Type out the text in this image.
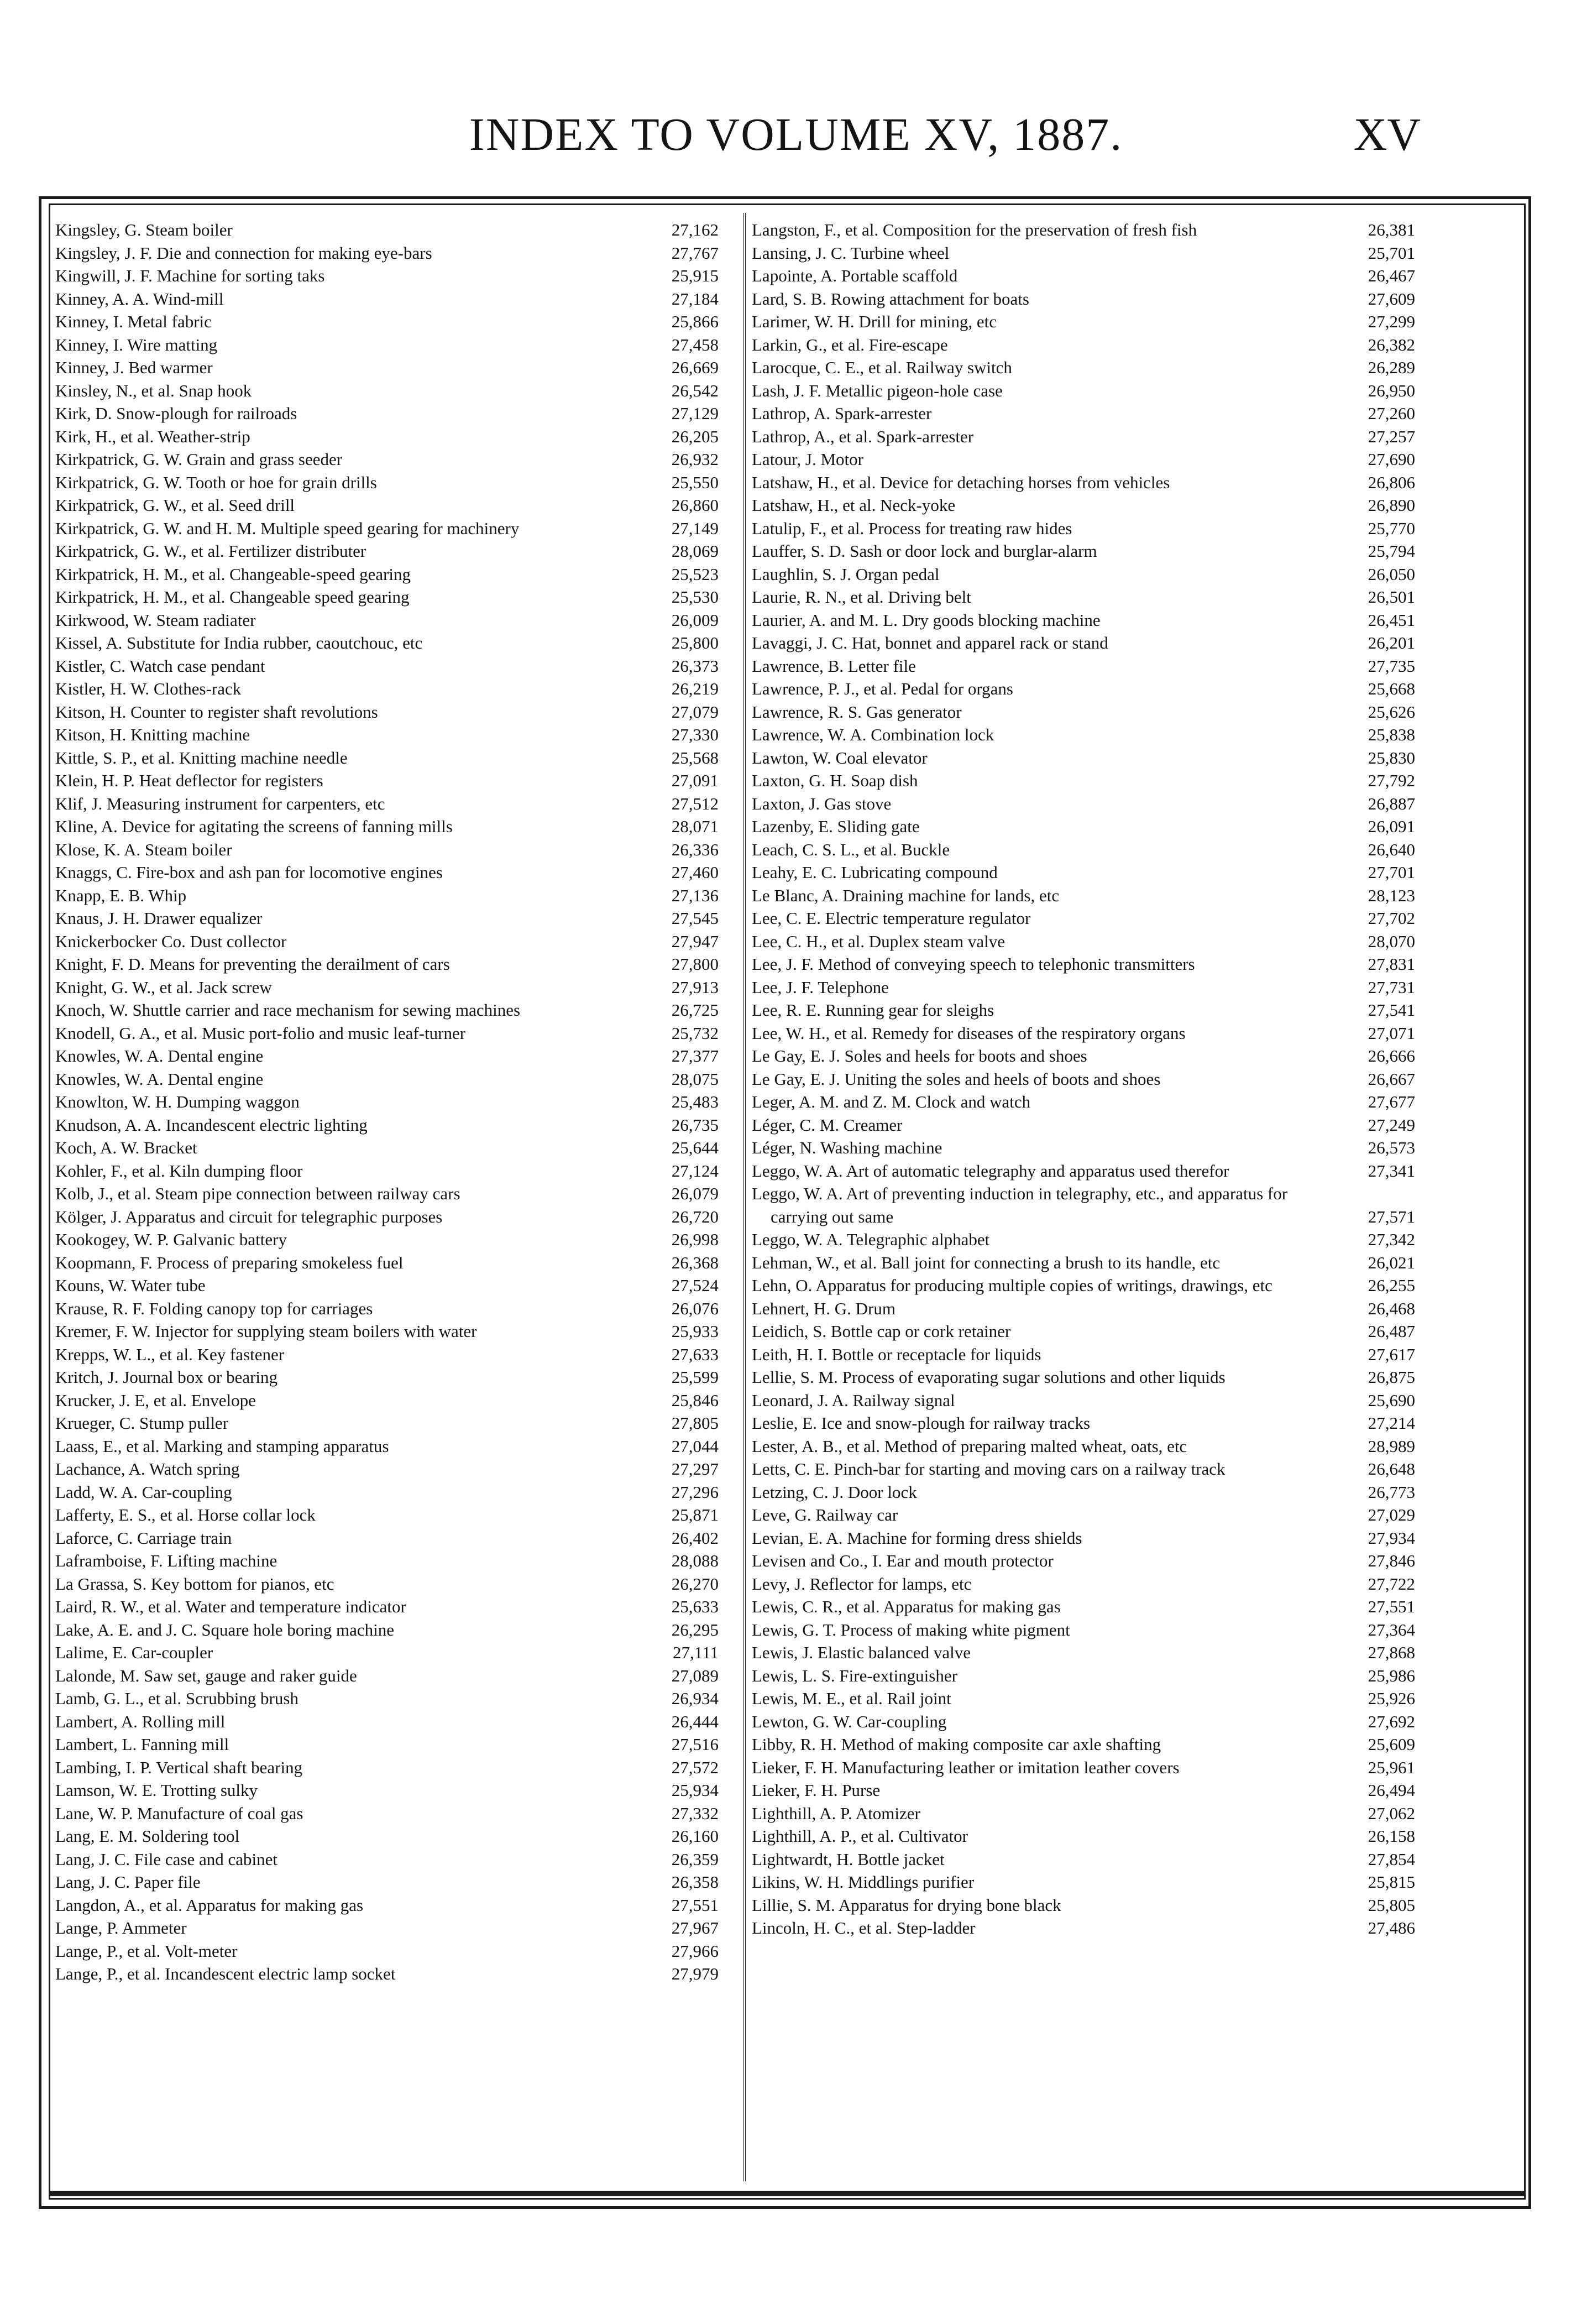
INDEX TO VOLUME XV, 1887.	XV
Kingsley, G. Steam boiler	27,162
Kingsley, J. F. Die and connection for making eye-bars	27,767
Kingwill, J. F. Machine for sorting taks	25,915
Kinney, A. A. Wind-mill	27,184
Kinney, I. Metal fabric	25,866
Kinney, I. Wire matting	27,458
Kinney, J. Bed warmer	26,669
Kinsley, N., et al. Snap hook	26,542
Kirk, D. Snow-plough for railroads	27,129
Kirk, H., et al. Weather-strip	26,205
Kirkpatrick, G. W. Grain and grass seeder	26,932
Kirkpatrick, G. W. Tooth or hoe for grain drills	25,550
Kirkpatrick, G. W., et al. Seed drill	26,860
Kirkpatrick, G. W. and H. M. Multiple speed gearing for machinery	27,149
Kirkpatrick, G. W., et al. Fertilizer distributer	28,069
Kirkpatrick, H. M., et al. Changeable-speed gearing	25,523
Kirkpatrick, H. M., et al. Changeable speed gearing	25,530
Kirkwood, W. Steam radiater	26,009
Kissel, A. Substitute for India rubber, caoutchouc, etc	25,800
Kistler, C. Watch case pendant	26,373
Kistler, H. W. Clothes-rack	26,219
Kitson, H. Counter to register shaft revolutions	27,079
Kitson, H. Knitting machine	27,330
Kittle, S. P., et al. Knitting machine needle	25,568
Klein, H. P. Heat deflector for registers	27,091
Klif, J. Measuring instrument for carpenters, etc	27,512
Kline, A. Device for agitating the screens of fanning mills	28,071
Klose, K. A. Steam boiler	26,336
Knaggs, C. Fire-box and ash pan for locomotive engines	27,460
Knapp, E. B. Whip	27,136
Knaus, J. H. Drawer equalizer	27,545
Knickerbocker Co. Dust collector	27,947
Knight, F. D. Means for preventing the derailment of cars	27,800
Knight, G. W., et al. Jack screw	27,913
Knoch, W. Shuttle carrier and race mechanism for sewing machines	26,725
Knodell, G. A., et al. Music port-folio and music leaf-turner	25,732
Knowles, W. A. Dental engine	27,377
Knowles, W. A. Dental engine	28,075
Knowlton, W. H. Dumping waggon	25,483
Knudson, A. A. Incandescent electric lighting	26,735
Koch, A. W. Bracket	25,644
Kohler, F., et al. Kiln dumping floor	27,124
Kolb, J., et al. Steam pipe connection between railway cars	26,079
Kölger, J. Apparatus and circuit for telegraphic purposes	26,720
Kookogey, W. P. Galvanic battery	26,998
Koopmann, F. Process of preparing smokeless fuel	26,368
Kouns, W. Water tube	27,524
Krause, R. F. Folding canopy top for carriages	26,076
Kremer, F. W. Injector for supplying steam boilers with water	25,933
Krepps, W. L., et al. Key fastener	27,633
Kritch, J. Journal box or bearing	25,599
Krucker, J. E, et al. Envelope	25,846
Krueger, C. Stump puller	27,805
Laass, E., et al. Marking and stamping apparatus	27,044
Lachance, A. Watch spring	27,297
Ladd, W. A. Car-coupling	27,296
Lafferty, E. S., et al. Horse collar lock	25,871
Laforce, C. Carriage train	26,402
Laframboise, F. Lifting machine	28,088
La Grassa, S. Key bottom for pianos, etc	26,270
Laird, R. W., et al. Water and temperature indicator	25,633
Lake, A. E. and J. C. Square hole boring machine	26,295
Lalime, E. Car-coupler	27,111
Lalonde, M. Saw set, gauge and raker guide	27,089
Lamb, G. L., et al. Scrubbing brush	26,934
Lambert, A. Rolling mill	26,444
Lambert, L. Fanning mill	27,516
Lambing, I. P. Vertical shaft bearing	27,572
Lamson, W. E. Trotting sulky	25,934
Lane, W. P. Manufacture of coal gas	27,332
Lang, E. M. Soldering tool	26,160
Lang, J. C. File case and cabinet	26,359
Lang, J. C. Paper file	26,358
Langdon, A., et al. Apparatus for making gas	27,551
Lange, P. Ammeter	27,967
Lange, P., et al. Volt-meter	27,966
Lange, P., et al. Incandescent electric lamp socket	27,979
Langston, F., et al. Composition for the preservation of fresh fish	26,381
Lansing, J. C. Turbine wheel	25,701
Lapointe, A. Portable scaffold	26,467
Lard, S. B. Rowing attachment for boats	27,609
Larimer, W. H. Drill for mining, etc	27,299
Larkin, G., et al. Fire-escape	26,382
Larocque, C. E., et al. Railway switch	26,289
Lash, J. F. Metallic pigeon-hole case	26,950
Lathrop, A. Spark-arrester	27,260
Lathrop, A., et al. Spark-arrester	27,257
Latour, J. Motor	27,690
Latshaw, H., et al. Device for detaching horses from vehicles	26,806
Latshaw, H., et al. Neck-yoke	26,890
Latulip, F., et al. Process for treating raw hides	25,770
Lauffer, S. D. Sash or door lock and burglar-alarm	25,794
Laughlin, S. J. Organ pedal	26,050
Laurie, R. N., et al. Driving belt	26,501
Laurier, A. and M. L. Dry goods blocking machine	26,451
Lavaggi, J. C. Hat, bonnet and apparel rack or stand	26,201
Lawrence, B. Letter file	27,735
Lawrence, P. J., et al. Pedal for organs	25,668
Lawrence, R. S. Gas generator	25,626
Lawrence, W. A. Combination lock	25,838
Lawton, W. Coal elevator	25,830
Laxton, G. H. Soap dish	27,792
Laxton, J. Gas stove	26,887
Lazenby, E. Sliding gate	26,091
Leach, C. S. L., et al. Buckle	26,640
Leahy, E. C. Lubricating compound	27,701
Le Blanc, A. Draining machine for lands, etc	28,123
Lee, C. E. Electric temperature regulator	27,702
Lee, C. H., et al. Duplex steam valve	28,070
Lee, J. F. Method of conveying speech to telephonic transmitters	27,831
Lee, J. F. Telephone	27,731
Lee, R. E. Running gear for sleighs	27,541
Lee, W. H., et al. Remedy for diseases of the respiratory organs	27,071
Le Gay, E. J. Soles and heels for boots and shoes	26,666
Le Gay, E. J. Uniting the soles and heels of boots and shoes	26,667
Leger, A. M. and Z. M. Clock and watch	27,677
Léger, C. M. Creamer	27,249
Léger, N. Washing machine	26,573
Leggo, W. A. Art of automatic telegraphy and apparatus used therefor	27,341
Leggo, W. A. Art of preventing induction in telegraphy, etc., and apparatus for carrying out same	27,571
Leggo, W. A. Telegraphic alphabet	27,342
Lehman, W., et al. Ball joint for connecting a brush to its handle, etc	26,021
Lehn, O. Apparatus for producing multiple copies of writings, drawings, etc	26,255
Lehnert, H. G. Drum	26,468
Leidich, S. Bottle cap or cork retainer	26,487
Leith, H. I. Bottle or receptacle for liquids	27,617
Lellie, S. M. Process of evaporating sugar solutions and other liquids	26,875
Leonard, J. A. Railway signal	25,690
Leslie, E. Ice and snow-plough for railway tracks	27,214
Lester, A. B., et al. Method of preparing malted wheat, oats, etc	28,989
Letts, C. E. Pinch-bar for starting and moving cars on a railway track	26,648
Letzing, C. J. Door lock	26,773
Leve, G. Railway car	27,029
Levian, E. A. Machine for forming dress shields	27,934
Levisen and Co., I. Ear and mouth protector	27,846
Levy, J. Reflector for lamps, etc	27,722
Lewis, C. R., et al. Apparatus for making gas	27,551
Lewis, G. T. Process of making white pigment	27,364
Lewis, J. Elastic balanced valve	27,868
Lewis, L. S. Fire-extinguisher	25,986
Lewis, M. E., et al. Rail joint	25,926
Lewton, G. W. Car-coupling	27,692
Libby, R. H. Method of making composite car axle shafting	25,609
Lieker, F. H. Manufacturing leather or imitation leather covers	25,961
Lieker, F. H. Purse	26,494
Lighthill, A. P. Atomizer	27,062
Lighthill, A. P., et al. Cultivator	26,158
Lightwardt, H. Bottle jacket	27,854
Likins, W. H. Middlings purifier	25,815
Lillie, S. M. Apparatus for drying bone black	25,805
Lincoln, H. C., et al. Step-ladder	27,486
